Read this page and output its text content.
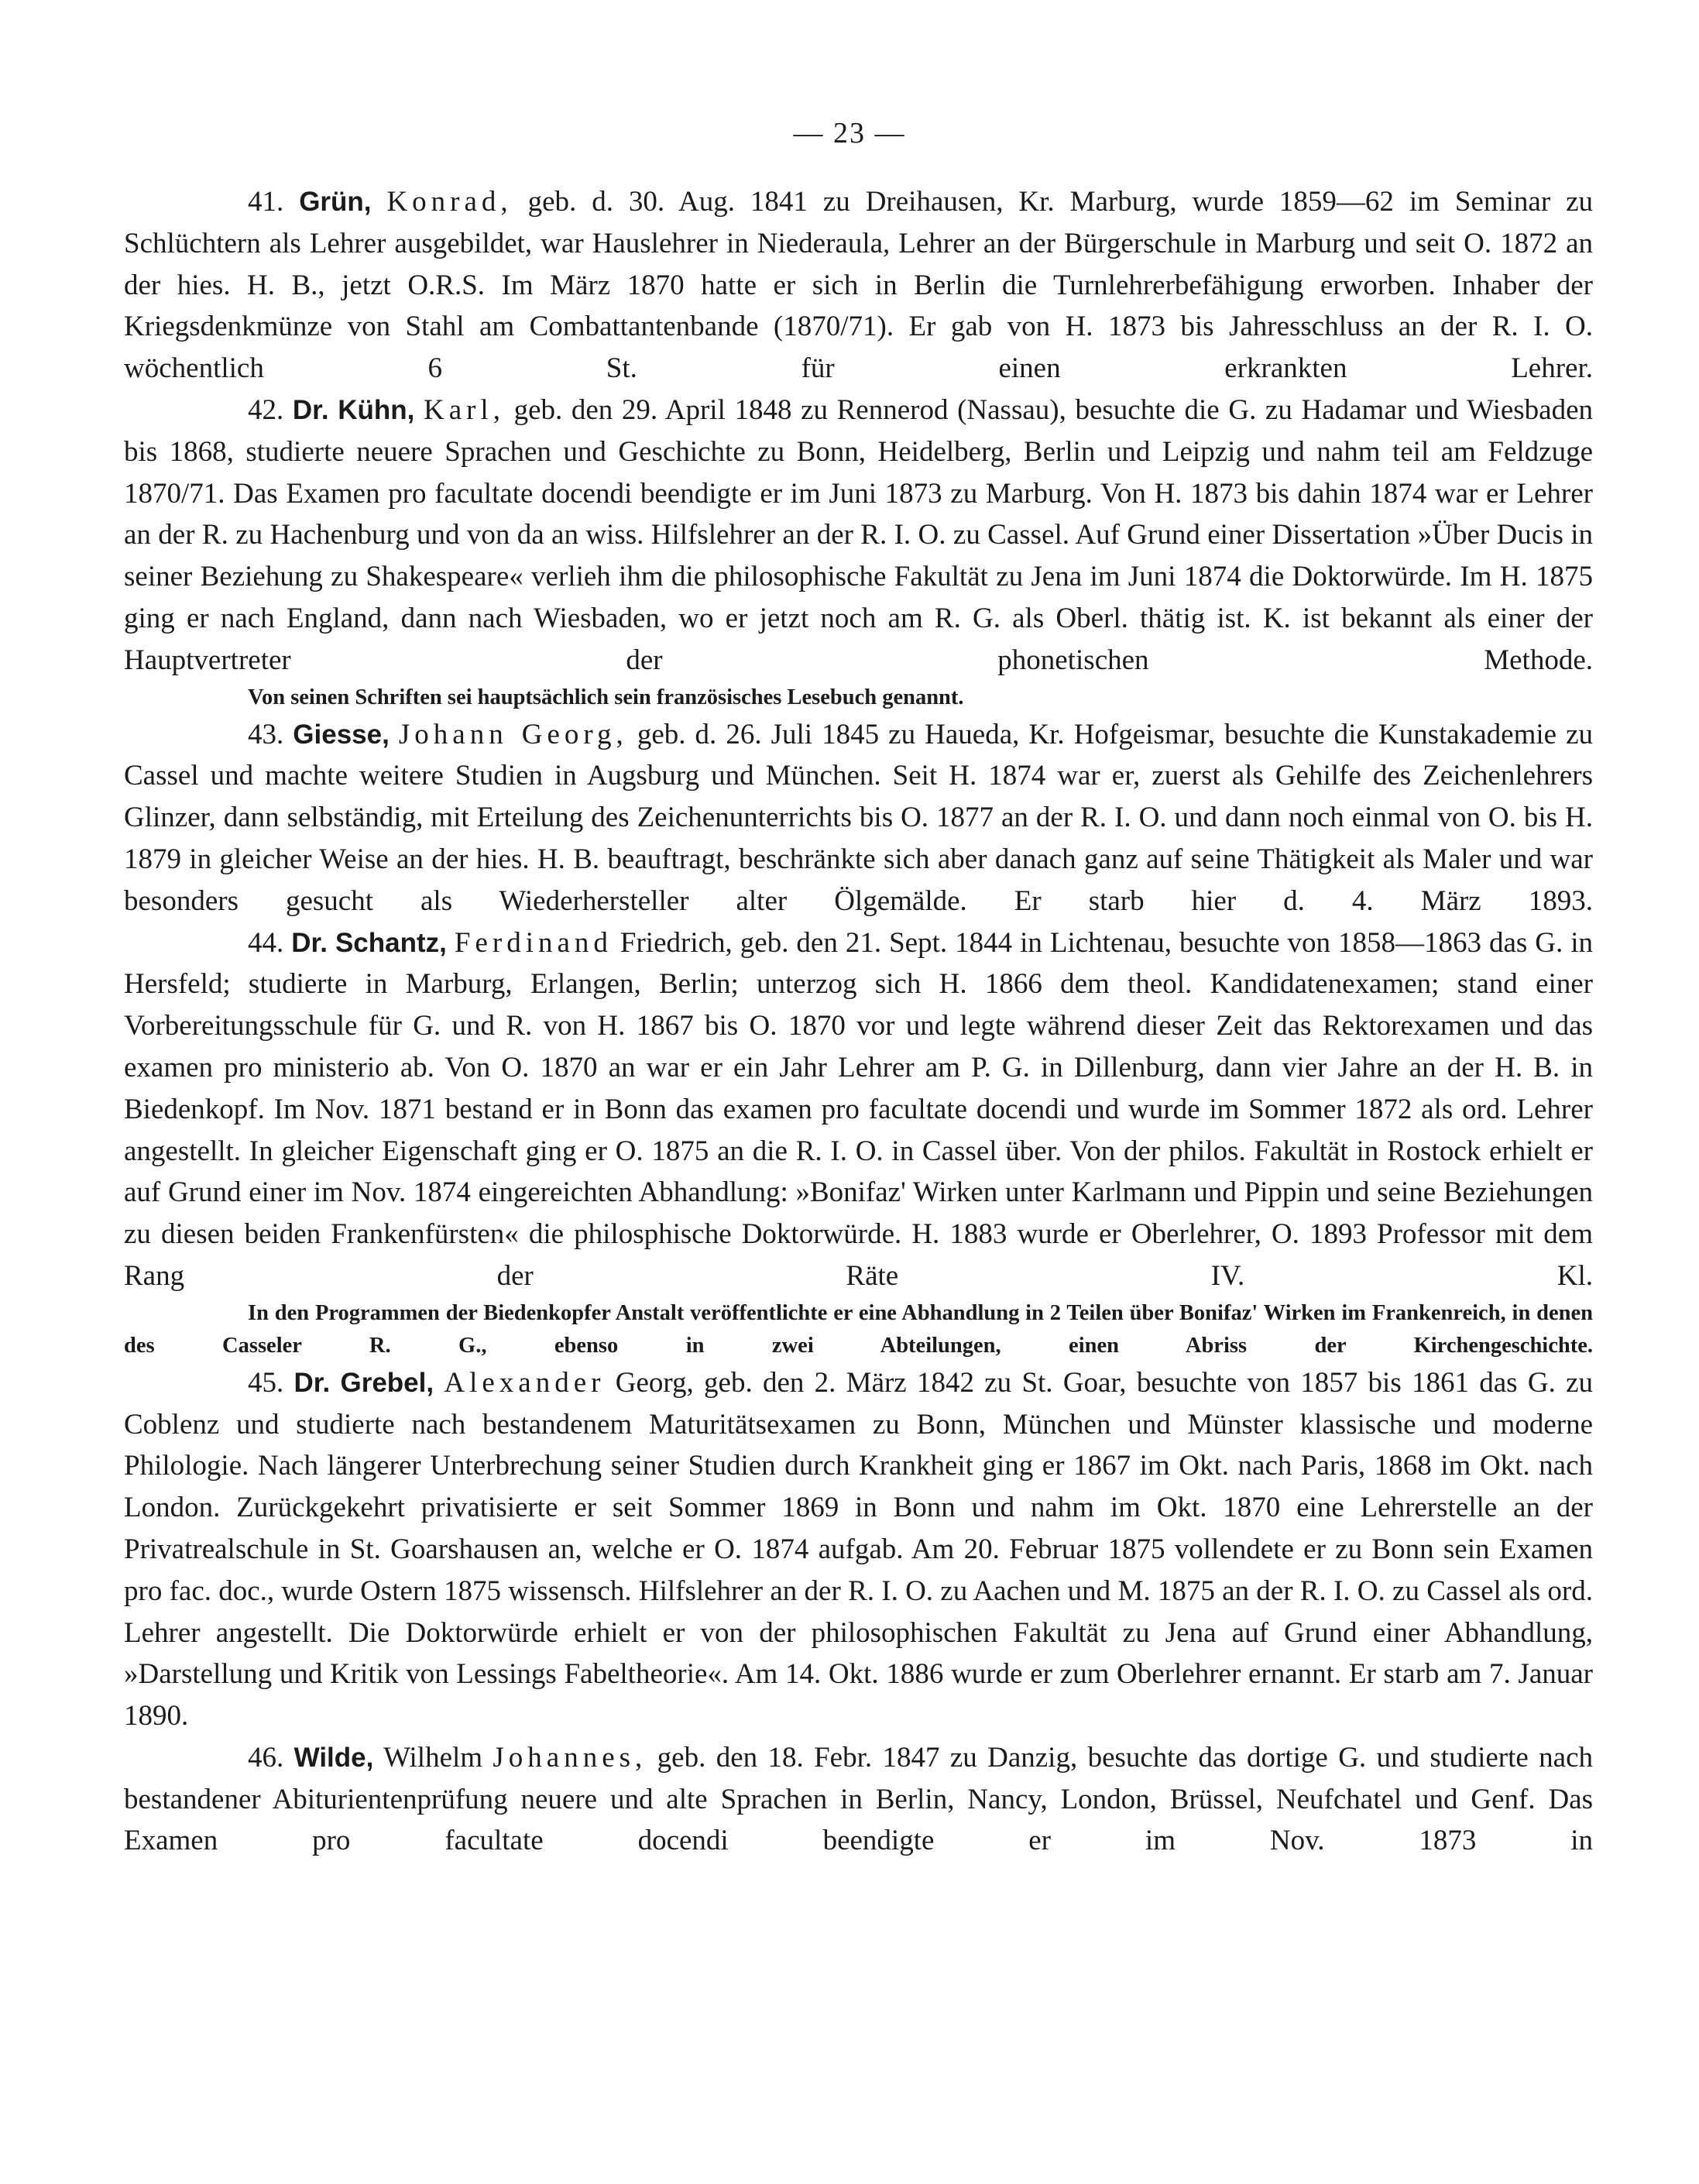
— 23 —

41. Grün, Konrad, geb. d. 30. Aug. 1841 zu Dreihausen, Kr. Marburg, wurde 1859—62 im Seminar zu Schlüchtern als Lehrer ausgebildet, war Hauslehrer in Niederaula, Lehrer an der Bürgerschule in Marburg und seit O. 1872 an der hies. H. B., jetzt O.R.S. Im März 1870 hatte er sich in Berlin die Turnlehrerbefähigung erworben. Inhaber der Kriegsdenkmünze von Stahl am Combattantenbande (1870/71). Er gab von H. 1873 bis Jahresschluss an der R. I. O. wöchentlich 6 St. für einen erkrankten Lehrer.

42. Dr. Kühn, Karl, geb. den 29. April 1848 zu Rennerod (Nassau), besuchte die G. zu Hadamar und Wiesbaden bis 1868, studierte neuere Sprachen und Geschichte zu Bonn, Heidelberg, Berlin und Leipzig und nahm teil am Feldzuge 1870/71. Das Examen pro facultate docendi beendigte er im Juni 1873 zu Marburg. Von H. 1873 bis dahin 1874 war er Lehrer an der R. zu Hachenburg und von da an wiss. Hilfslehrer an der R. I. O. zu Cassel. Auf Grund einer Dissertation »Über Ducis in seiner Beziehung zu Shakespeare« verlieh ihm die philosophische Fakultät zu Jena im Juni 1874 die Doktorwürde. Im H. 1875 ging er nach England, dann nach Wiesbaden, wo er jetzt noch am R. G. als Oberl. thätig ist. K. ist bekannt als einer der Hauptvertreter der phonetischen Methode.

Von seinen Schriften sei hauptsächlich sein französisches Lesebuch genannt.

43. Giesse, Johann Georg, geb. d. 26. Juli 1845 zu Haueda, Kr. Hofgeismar, besuchte die Kunstakademie zu Cassel und machte weitere Studien in Augsburg und München. Seit H. 1874 war er, zuerst als Gehilfe des Zeichenlehrers Glinzer, dann selbständig, mit Erteilung des Zeichenunterrichts bis O. 1877 an der R. I. O. und dann noch einmal von O. bis H. 1879 in gleicher Weise an der hies. H. B. beauftragt, beschränkte sich aber danach ganz auf seine Thätigkeit als Maler und war besonders gesucht als Wiederhersteller alter Ölgemälde. Er starb hier d. 4. März 1893.

44. Dr. Schantz, Ferdinand Friedrich, geb. den 21. Sept. 1844 in Lichtenau, besuchte von 1858—1863 das G. in Hersfeld; studierte in Marburg, Erlangen, Berlin; unterzog sich H. 1866 dem theol. Kandidatenexamen; stand einer Vorbereitungsschule für G. und R. von H. 1867 bis O. 1870 vor und legte während dieser Zeit das Rektorexamen und das examen pro ministerio ab. Von O. 1870 an war er ein Jahr Lehrer am P. G. in Dillenburg, dann vier Jahre an der H. B. in Biedenkopf. Im Nov. 1871 bestand er in Bonn das examen pro facultate docendi und wurde im Sommer 1872 als ord. Lehrer angestellt. In gleicher Eigenschaft ging er O. 1875 an die R. I. O. in Cassel über. Von der philos. Fakultät in Rostock erhielt er auf Grund einer im Nov. 1874 eingereichten Abhandlung: »Bonifaz' Wirken unter Karlmann und Pippin und seine Beziehungen zu diesen beiden Frankenfürsten« die philosphische Doktorwürde. H. 1883 wurde er Oberlehrer, O. 1893 Professor mit dem Rang der Räte IV. Kl.

In den Programmen der Biedenkopfer Anstalt veröffentlichte er eine Abhandlung in 2 Teilen über Bonifaz' Wirken im Frankenreich, in denen des Casseler R. G., ebenso in zwei Abteilungen, einen Abriss der Kirchengeschichte.

45. Dr. Grebel, Alexander Georg, geb. den 2. März 1842 zu St. Goar, besuchte von 1857 bis 1861 das G. zu Coblenz und studierte nach bestandenem Maturitätsexamen zu Bonn, München und Münster klassische und moderne Philologie. Nach längerer Unterbrechung seiner Studien durch Krankheit ging er 1867 im Okt. nach Paris, 1868 im Okt. nach London. Zurückgekehrt privatisierte er seit Sommer 1869 in Bonn und nahm im Okt. 1870 eine Lehrerstelle an der Privatrealschule in St. Goarshausen an, welche er O. 1874 aufgab. Am 20. Februar 1875 vollendete er zu Bonn sein Examen pro fac. doc., wurde Ostern 1875 wissensch. Hilfslehrer an der R. I. O. zu Aachen und M. 1875 an der R. I. O. zu Cassel als ord. Lehrer angestellt. Die Doktorwürde erhielt er von der philosophischen Fakultät zu Jena auf Grund einer Abhandlung, »Darstellung und Kritik von Lessings Fabeltheorie«. Am 14. Okt. 1886 wurde er zum Oberlehrer ernannt. Er starb am 7. Januar 1890.

46. Wilde, Wilhelm Johannes, geb. den 18. Febr. 1847 zu Danzig, besuchte das dortige G. und studierte nach bestandener Abiturientenprüfung neuere und alte Sprachen in Berlin, Nancy, London, Brüssel, Neufchatel und Genf. Das Examen pro facultate docendi beendigte er im Nov. 1873 in
